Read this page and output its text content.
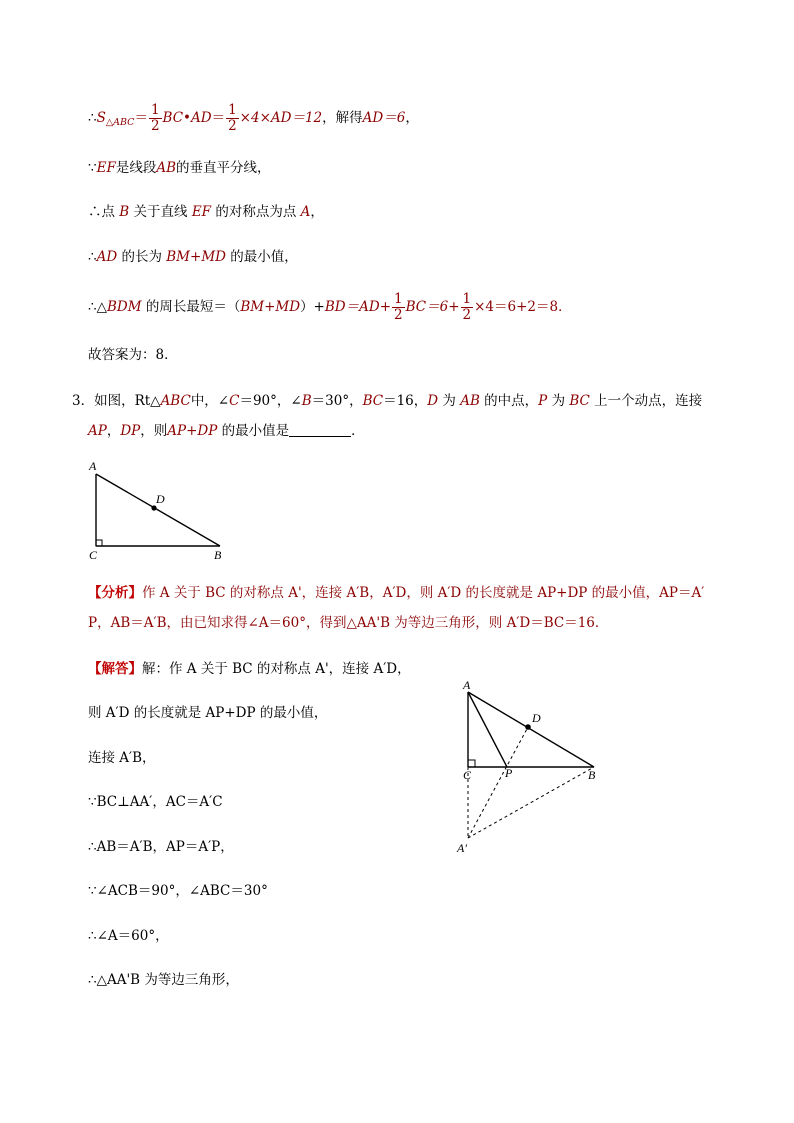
$\therefore S_{\triangle ABC}= \frac{1}{2}$ BC•AD＝ $\frac{1}{2} \times 4\times AD=12$，解得AD＝6，
∵EF是线段AB的垂直平分线，
∴点 B 关于直线 EF 的对称点为点 A，
∴AD 的长为 BM+MD 的最小值，
∴△BDM 的周长最短$=(BM+MD)+BD=AD+ \frac{1}{2} BC=6+ \frac{1}{2} \times 4=6+2=8$．
故答案为：8．
3．如图，Rt△ABC中，∠C＝90°，∠B＝30°，BC＝16，D 为 AB 的中点，P 为 BC 上一个动点，连接
AP，DP，则AP+DP 的最小值是	．
A
D
C	B
【分析】作 A 关于 BC 的对称点 A'，连接 A′B，A′D，则 A′D 的长度就是 AP+DP 的最小值，AP＝A′
P，AB＝A′B，由已知求得∠A＝60°，得到△AA'B 为等边三角形，则 A′D＝BC＝16．
【解答】解：作 A 关于 BC 的对称点 A'，连接 A′D，
则 A′D 的长度就是 AP+DP 的最小值，
连接 A′B，
∵BC⊥AA′，AC＝A′C
∴AB＝A′B，AP＝A′P，
∵∠ACB＝90°，∠ABC＝30°
∴∠A＝60°，
∴△AA'B 为等边三角形，
A
D
C	P	B
A′
